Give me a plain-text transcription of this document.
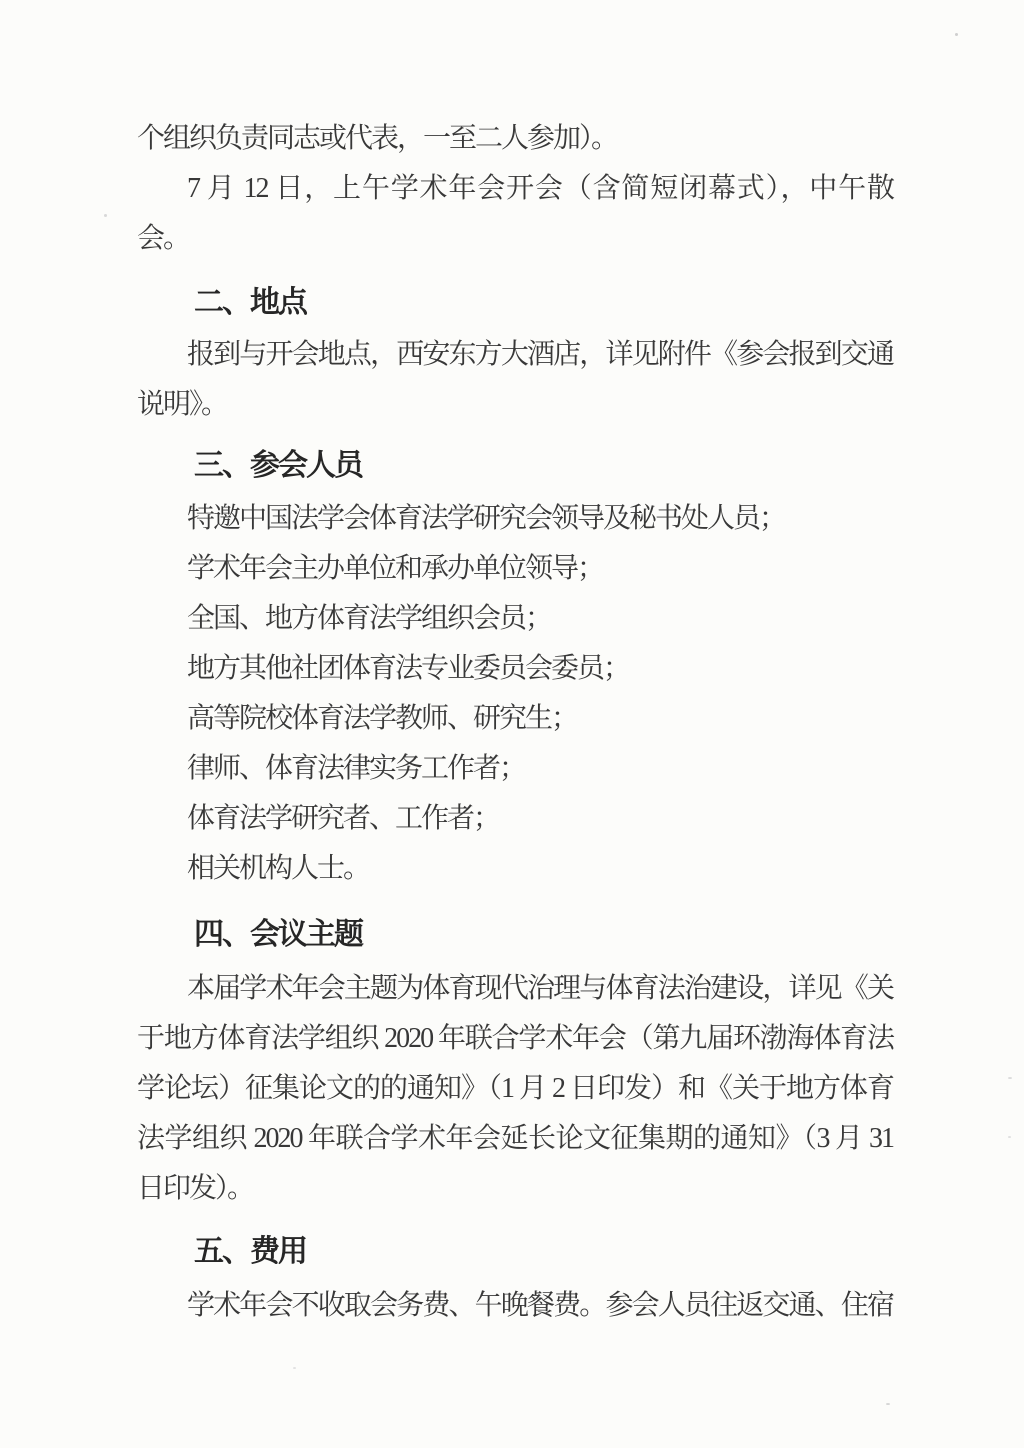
个组织负责同志或代表，一至二人参加）。
7 月 12 日，上午学术年会开会（含简短闭幕式），中午散
会。
二、地点
报到与开会地点，西安东方大酒店，详见附件《参会报到交通
说明》。
三、参会人员
特邀中国法学会体育法学研究会领导及秘书处人员；
学术年会主办单位和承办单位领导；
全国、地方体育法学组织会员；
地方其他社团体育法专业委员会委员；
高等院校体育法学教师、研究生；
律师、体育法律实务工作者；
体育法学研究者、工作者；
相关机构人士。
四、会议主题
本届学术年会主题为体育现代治理与体育法治建设，详见《关
于地方体育法学组织 2020 年联合学术年会（第九届环渤海体育法
学论坛）征集论文的的通知》（1 月 2 日印发）和《关于地方体育
法学组织 2020 年联合学术年会延长论文征集期的通知》（3 月 31
日印发）。
五、费用
学术年会不收取会务费、午晚餐费。参会人员往返交通、住宿
